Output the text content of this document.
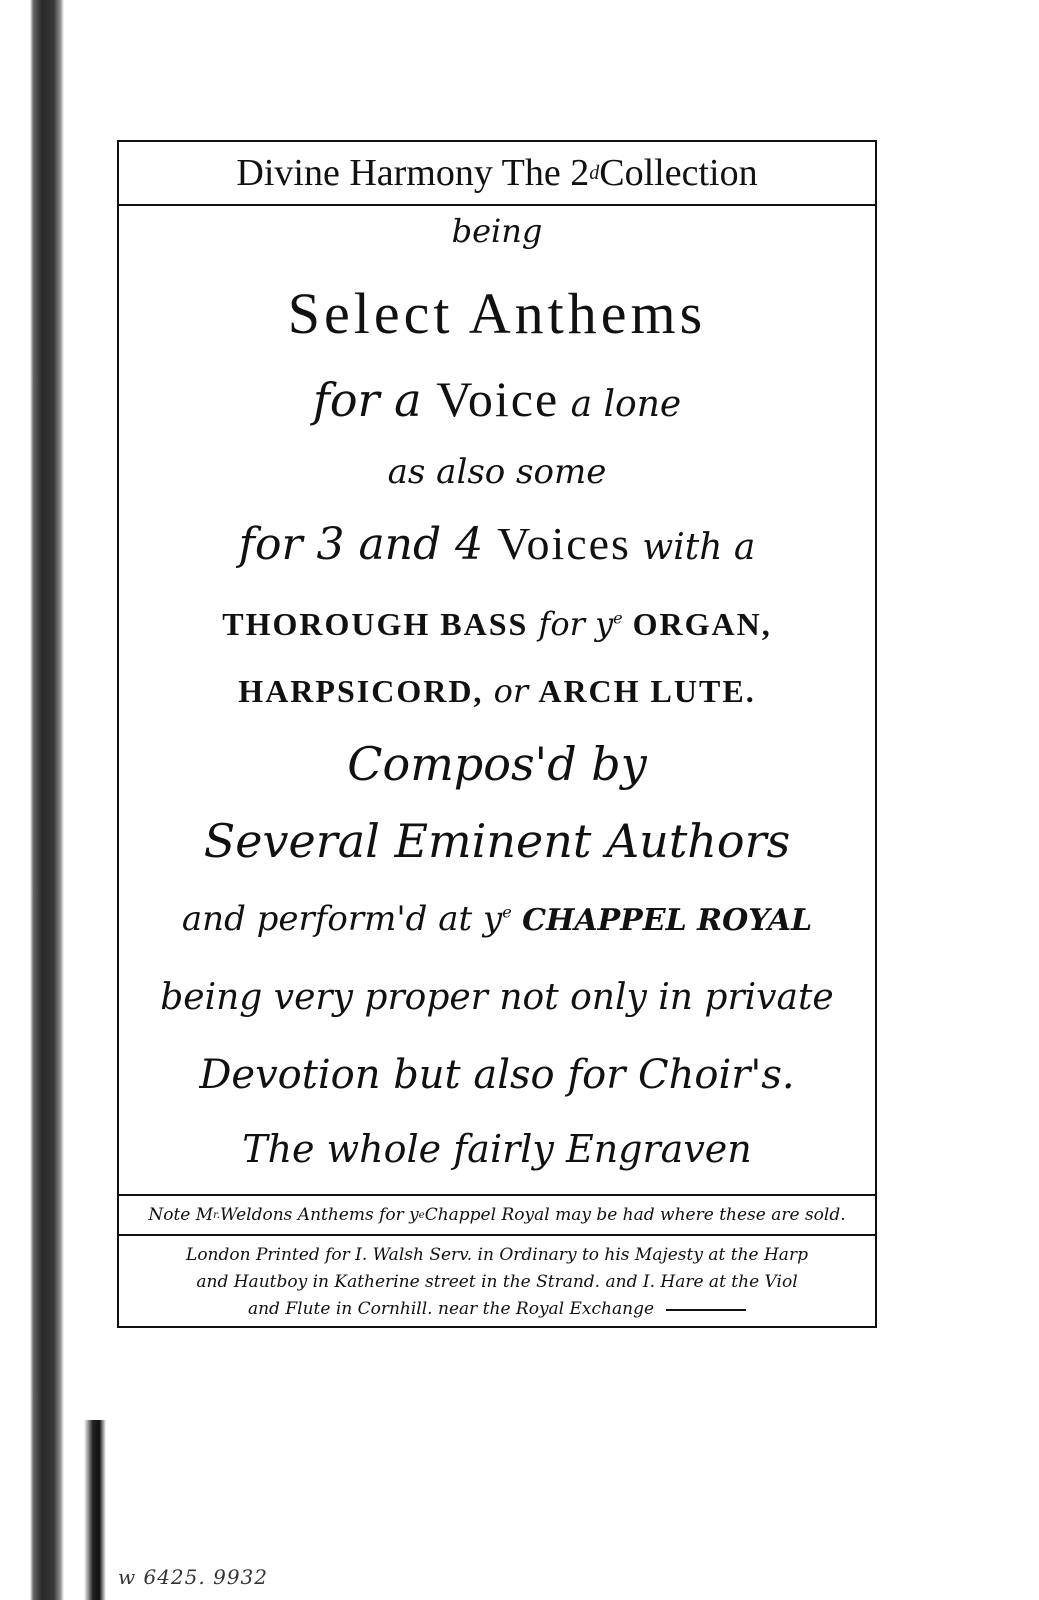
Divine Harmony The 2 d Collection
being
Select Anthems
for a Voice a lone
as also some
for 3 and 4 Voices with a
THOROUGH BASS for $y^e$ ORGAN,
HARPSICORD, or ARCH LUTE.
Compos'd by
Several Eminent Authors
and perform'd at $y^e$ CHAPPEL ROYAL
being very proper not only in private
Devotion but also for Choir's.
The whole fairly Engraven
Note M r. Weldons Anthems for y e Chappel Royal may be had where these are sold.
London Printed for I. Walsh Serv. in Ordinary to his Majesty at the Harp
and Hautboy in Katherine street in the Strand. and I. Hare at the Viol
and Flute in Cornhill. near the Royal Exchange
w 6425. 9932
